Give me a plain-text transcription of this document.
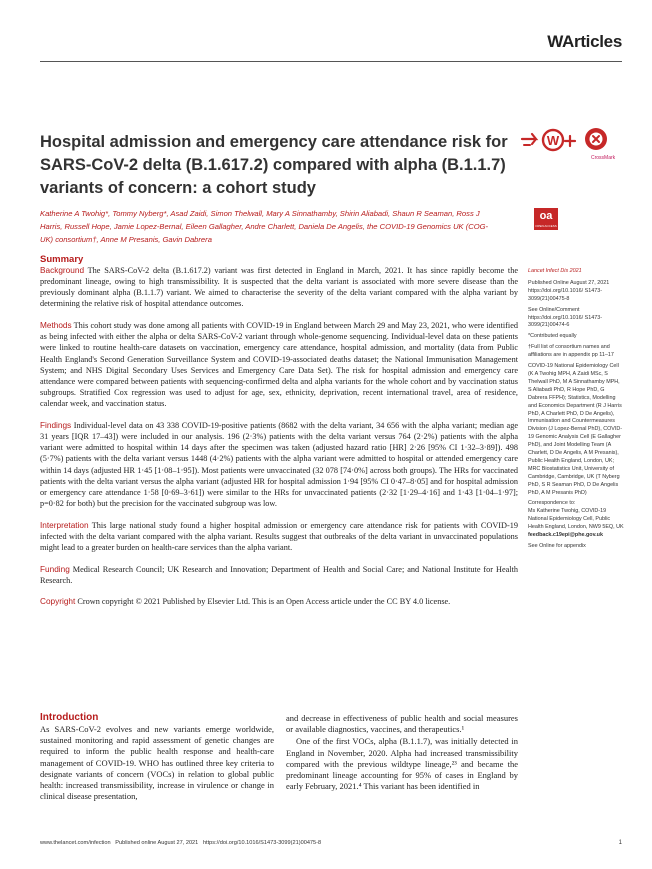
WArticles
Hospital admission and emergency care attendance risk for SARS-CoV-2 delta (B.1.617.2) compared with alpha (B.1.1.7) variants of concern: a cohort study
W
CrossMark

Katherine A Twohig*, Tommy Nyberg*, Asad Zaidi, Simon Thelwall, Mary A Sinnathamby, Shirin Aliabadi, Shaun R Seaman, Ross J Harris, Russell Hope, Jamie Lopez-Bernal, Eileen Gallagher, Andre Charlett, Daniela De Angelis, the COVID-19 Genomics UK (COG-UK) consortium†, Anne M Presanis, Gavin Dabrera

oa
OPEN ACCESS
Summary

Background The SARS-CoV-2 delta (B.1.617.2) variant was first detected in England in March, 2021. It has since rapidly become the predominant lineage, owing to high transmissibility. It is suspected that the delta variant is associated with more severe disease than the previously dominant alpha (B.1.1.7) variant. We aimed to characterise the severity of the delta variant compared with the alpha variant by determining the relative risk of hospital attendance outcomes.

Methods This cohort study was done among all patients with COVID-19 in England between March 29 and May 23, 2021, who were identified as being infected with either the alpha or delta SARS-CoV-2 variant through whole-genome sequencing. Individual-level data on these patients were linked to routine health-care datasets on vaccination, emergency care attendance, hospital admission, and mortality (data from Public Health England's Second Generation Surveillance System and COVID-19-associated deaths dataset; the National Immunisation Management System; and NHS Digital Secondary Uses Services and Emergency Care Data Set). The risk for hospital admission and emergency care attendance were compared between patients with sequencing-confirmed delta and alpha variants for the whole cohort and by vaccination status subgroups. Stratified Cox regression was used to adjust for age, sex, ethnicity, deprivation, recent international travel, area of residence, calendar week, and vaccination status.

Findings Individual-level data on 43 338 COVID-19-positive patients (8682 with the delta variant, 34 656 with the alpha variant; median age 31 years [IQR 17–43]) were included in our analysis. 196 (2·3%) patients with the delta variant versus 764 (2·2%) patients with the alpha variant were admitted to hospital within 14 days after the specimen was taken (adjusted hazard ratio [HR] 2·26 [95% CI 1·32–3·89]). 498 (5·7%) patients with the delta variant versus 1448 (4·2%) patients with the alpha variant were admitted to hospital or attended emergency care within 14 days (adjusted HR 1·45 [1·08–1·95]). Most patients were unvaccinated (32 078 [74·0%] across both groups). The HRs for vaccinated patients with the delta variant versus the alpha variant (adjusted HR for hospital admission 1·94 [95% CI 0·47–8·05] and for hospital admission or emergency care attendance 1·58 [0·69–3·61]) were similar to the HRs for unvaccinated patients (2·32 [1·29–4·16] and 1·43 [1·04–1·97]; p=0·82 for both) but the precision for the vaccinated subgroup was low.

Interpretation This large national study found a higher hospital admission or emergency care attendance risk for patients with COVID-19 infected with the delta variant compared with the alpha variant. Results suggest that outbreaks of the delta variant in unvaccinated populations might lead to a greater burden on health-care services than the alpha variant.

Funding Medical Research Council; UK Research and Innovation; Department of Health and Social Care; and National Institute for Health Research.

Copyright Crown copyright © 2021 Published by Elsevier Ltd. This is an Open Access article under the CC BY 4.0 license.

Lancet Infect Dis 2021
Published Online August 27, 2021 https://doi.org/10.1016/ S1473-3099(21)00475-8
See Online/Comment https://doi.org/10.1016/ S1473-3099(21)00474-6
*Contributed equally
†Full list of consortium names and affiliations are in appendix pp 11–17
COVID-19 National Epidemiology Cell (K A Twohig MPH, A Zaidi MSc, S Thelwall PhD, M A Sinnathamby MPH, S Aliabadi PhD, R Hope PhD, G Dabrera FFPH); Statistics, Modelling and Economics Department (R J Harris PhD, A Charlett PhD, D De Angelis), Immunisation and Countermeasures Division (J Lopez-Bernal PhD), COVID-19 Genomic Analysis Cell (E Gallagher PhD), and Joint Modelling Team (A Charlett, D De Angelis, A M Presanis), Public Health England, London, UK; MRC Biostatistics Unit, University of Cambridge, Cambridge, UK (T Nyberg PhD, S R Seaman PhD, D De Angelis PhD, A M Presanis PhD)
Correspondence to:
Ms Katherine Twohig, COVID-19 National Epidemiology Cell, Public Health England, London, NW9 5EQ, UK
feedback.c19epi@phe.gov.uk
See Online for appendix
Introduction

As SARS-CoV-2 evolves and new variants emerge worldwide, sustained monitoring and rapid assessment of genetic changes are required to inform the public health response and health-care management of COVID-19. WHO has outlined three key criteria to designate variants of concern (VOCs) in relation to global public health: increased transmissibility, increase in virulence or change in clinical disease presentation,

and decrease in effectiveness of public health and social measures or available diagnostics, vaccines, and therapeutics.¹

One of the first VOCs, alpha (B.1.1.7), was initially detected in England in November, 2020. Alpha had increased transmissibility compared with the previous wildtype lineage,²³ and became the predominant lineage accounting for 95% of cases in England by early February, 2021.⁴ This variant has been identified in

www.thelancet.com/infection   Published online August 27, 2021   https://doi.org/10.1016/S1473-3099(21)00475-8	1
